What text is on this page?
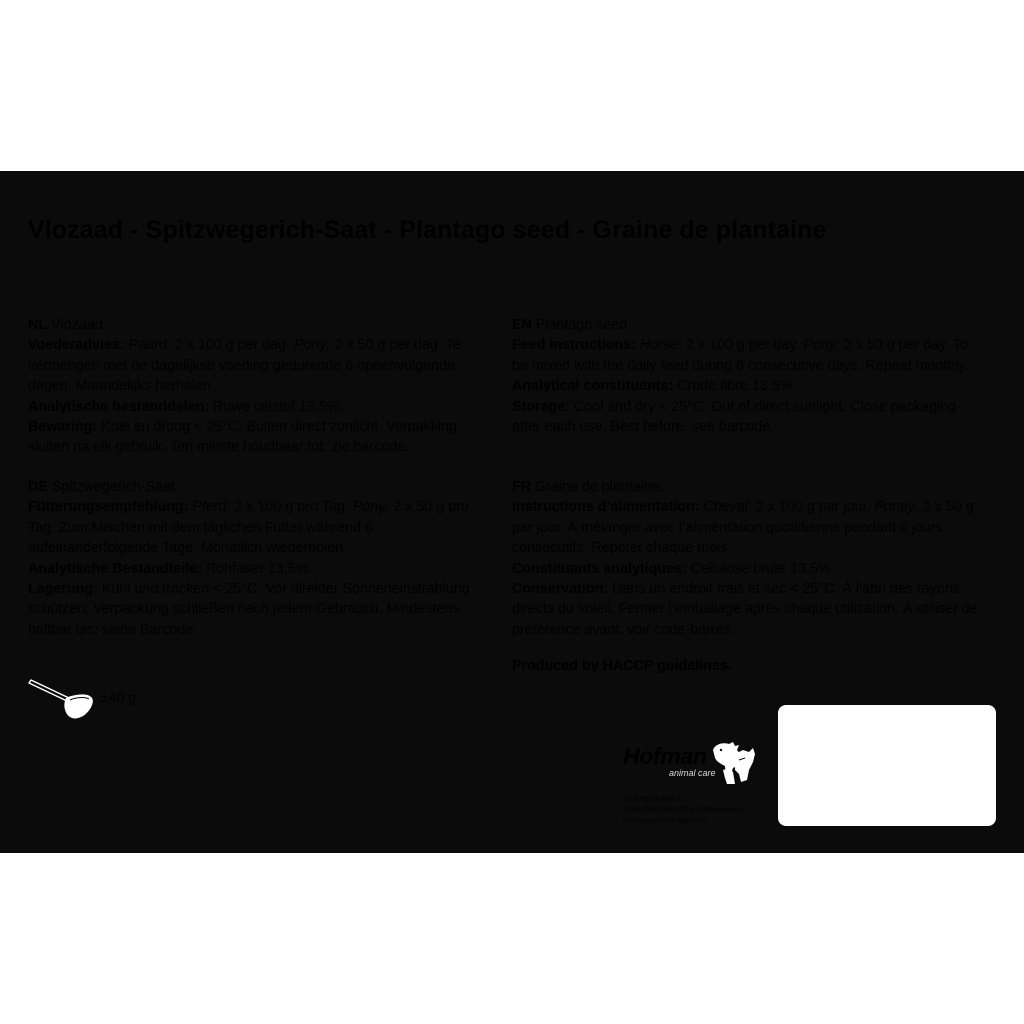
Vlozaad - Spitzwegerich-Saat - Plantago seed - Graine de plantaine

NL Vlozaad.

Voederadvies: Paard: 2 x 100 g per dag. Pony: 2 x 50 g per dag. Te vermengen met de dagelijkse voeding gedurende 6 opeenvolgende dagen. Maandelijks herhalen.

Analytische bestanddelen: Ruwe celstof 13,5%.

Bewaring: Koel en droog < 25°C. Buiten direct zonlicht. Verpakking sluiten na elk gebruik. Ten minste houdbaar tot: zie barcode.

DE Spitzwegerich-Saat.

Fütterungsempfehlung: Pferd: 2 x 100 g pro Tag. Pony: 2 x 50 g pro Tag. Zum Mischen mit dem täglichen Futter während 6 aufeinanderfolgende Tage. Monatlich wiederholen.

Analytische Bestandteile: Rohfaser 13,5%.

Lagerung: Kühl und trocken < 25°C. Vor direkter Sonneneinstrahlung schützen. Verpackung schließen nach jedem Gebrauch. Mindestens haltbar bis: siehe Barcode.

EN Plantago seed.

Feed instructions: Horse: 2 x 100 g per day. Pony: 2 x 50 g per day. To be mixed with the daily feed during 6 consecutive days. Repeat monthly.

Analytical constituents: Crude fibre 13.5%.

Storage: Cool and dry < 25°C. Out of direct sunlight. Close packaging after each use. Best before: see barcode.

FR Graine de plantaine.

Instructions d’alimentation: Cheval: 2 x 100 g par jour. Poney: 2 x 50 g par jour. À mélanger avec l’alimentation quotidienne pendant 6 jours consécutifs. Répéter chaque mois.

Constituants analytiques: Cellulose brute 13,5%.

Conservation: Dans un endroit frais et sec < 25°C. À l’abri des rayons directs du soleil. Fermer l’emballage après chaque utilisation. À utiliser de préférence avant: voir code-barres.

Produced by HACCP guidelines.
±40 g
Hofman
animal care
De Leemkoele 2
7468 DM Enter (The Netherlands)
hofmananimalcare.com
